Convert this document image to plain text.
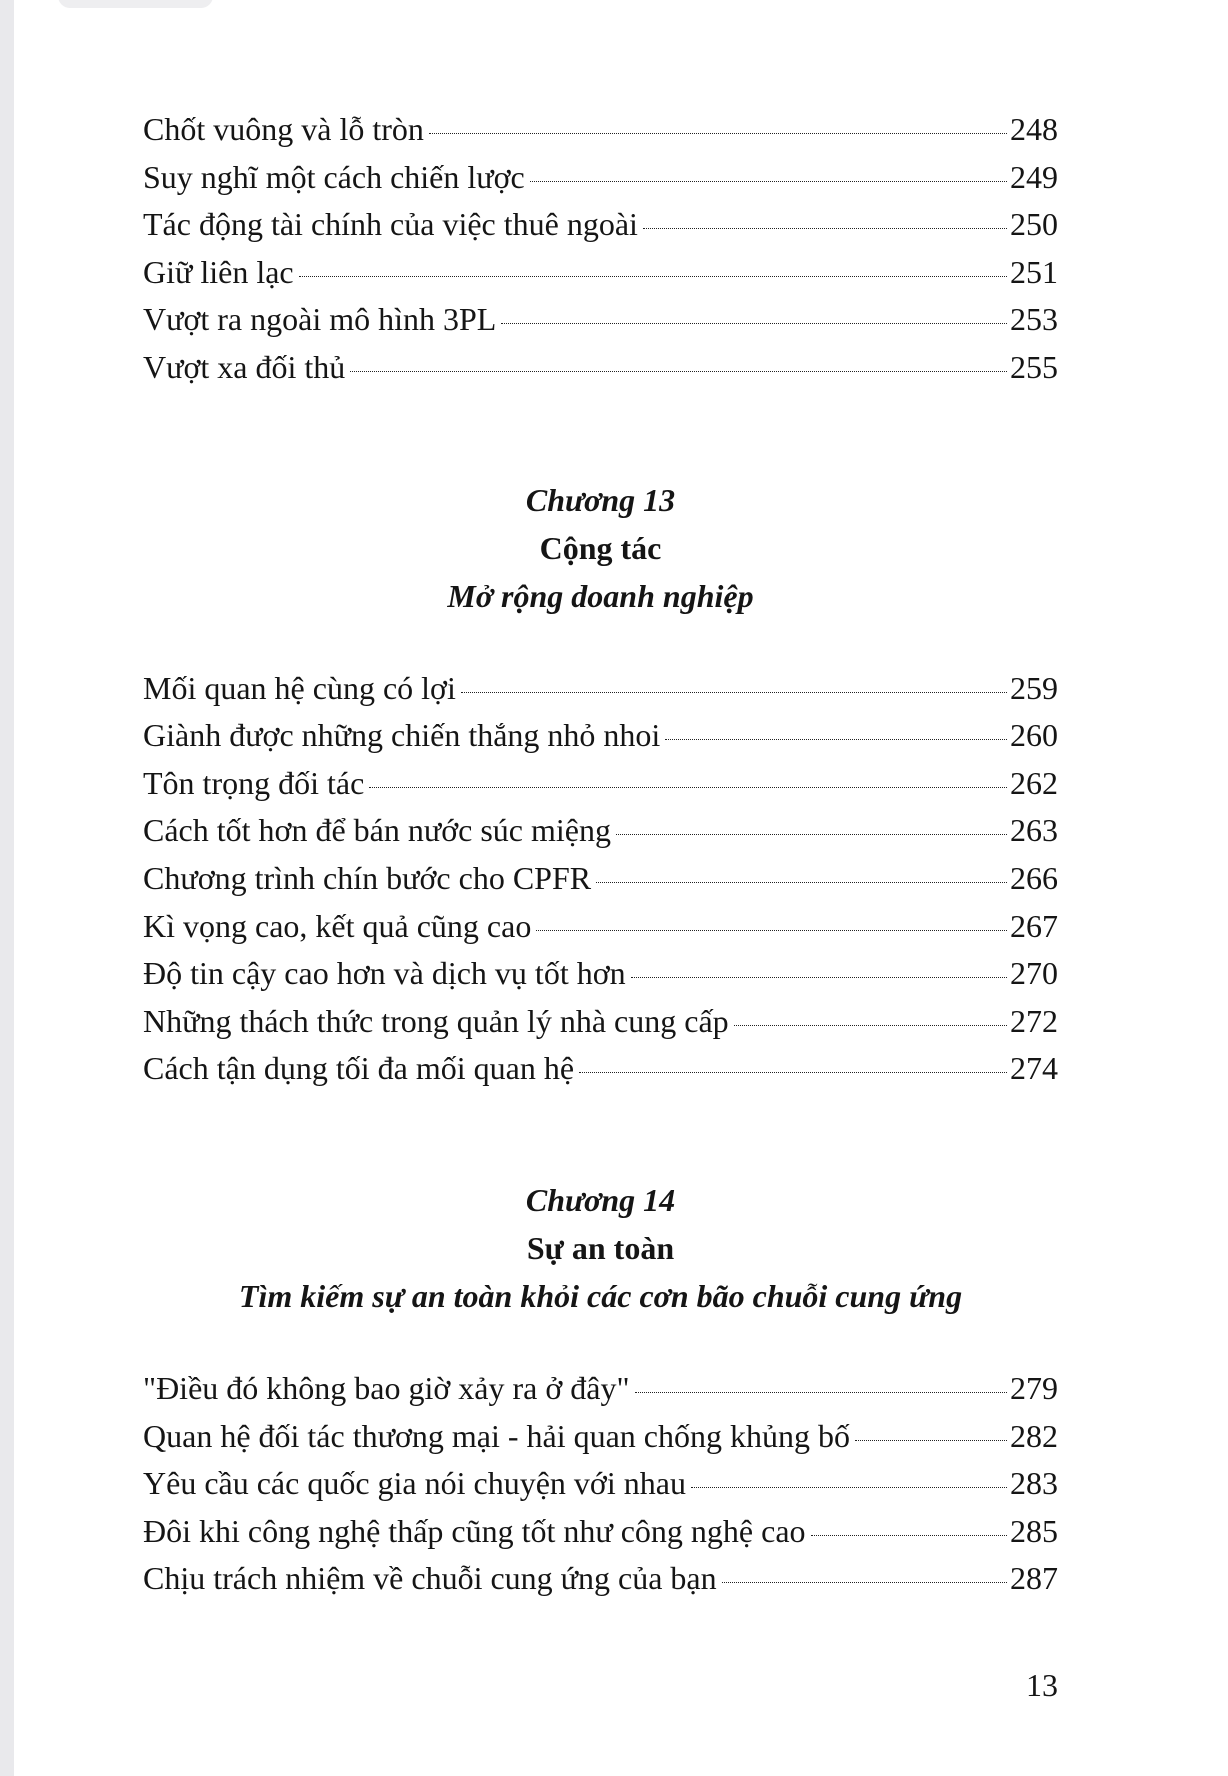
Chốt vuông và lỗ tròn	248
Suy nghĩ một cách chiến lược	249
Tác động tài chính của việc thuê ngoài	250
Giữ liên lạc	251
Vượt ra ngoài mô hình 3PL	253
Vượt xa đối thủ	255
Chương 13
Cộng tác
Mở rộng doanh nghiệp
Mối quan hệ cùng có lợi	259
Giành được những chiến thắng nhỏ nhoi	260
Tôn trọng đối tác	262
Cách tốt hơn để bán nước súc miệng	263
Chương trình chín bước cho CPFR	266
Kì vọng cao, kết quả cũng cao	267
Độ tin cậy cao hơn và dịch vụ tốt hơn	270
Những thách thức trong quản lý nhà cung cấp	272
Cách tận dụng tối đa mối quan hệ	274
Chương 14
Sự an toàn
Tìm kiếm sự an toàn khỏi các cơn bão chuỗi cung ứng
"Điều đó không bao giờ xảy ra ở đây"	279
Quan hệ đối tác thương mại - hải quan chống khủng bố	282
Yêu cầu các quốc gia nói chuyện với nhau	283
Đôi khi công nghệ thấp cũng tốt như công nghệ cao	285
Chịu trách nhiệm về chuỗi cung ứng của bạn	287
13
